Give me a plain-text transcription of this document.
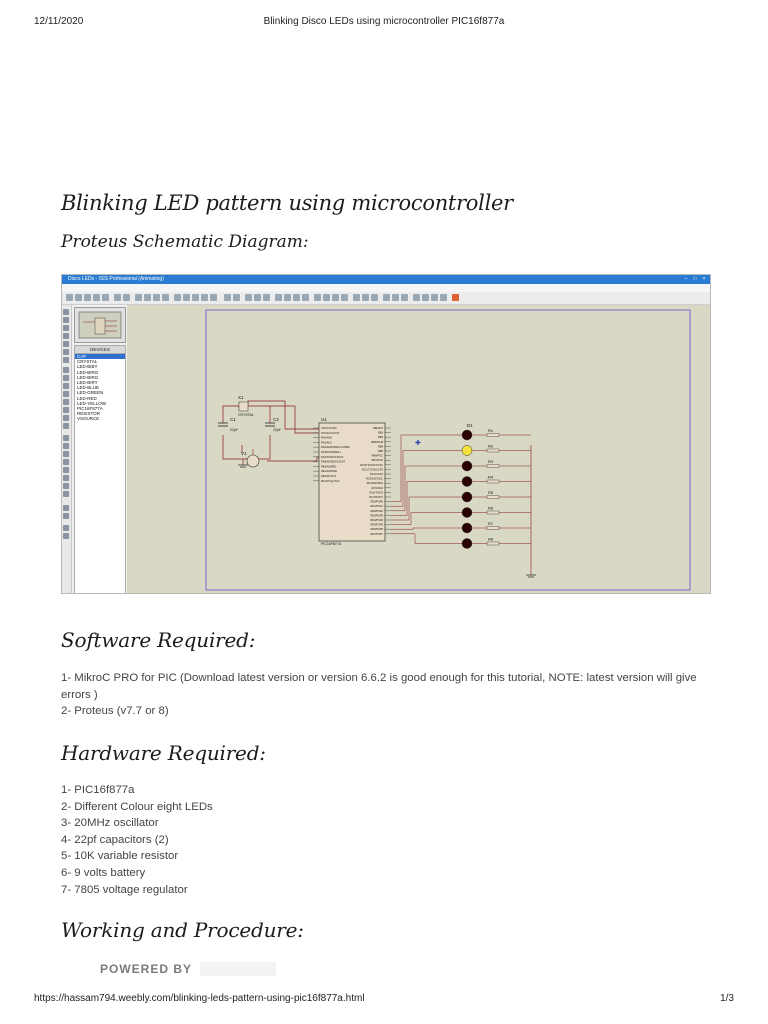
12/11/2020	Blinking Disco LEDs using microcontroller PIC16f877a
Blinking LED pattern using microcontroller
Proteus Schematic Diagram:
Disco LEDs - ISIS Professional (Animating)	–	□	×

DEVICES
CAP
CRYSTAL
LED-BIBY
LED-BIRG
LED-BIRG
LED-BIRY
LED-BLUE
LED-GREEN
LED-RED
LED-YELLOW
PIC16F877A
RESISTOR
VSOURCE
X1
CRYSTAL
C1
22pF
C2
22pF
V1
U1
PIC16F877A
OSC1/CLKIN
OSC2/CLKOUT
RA0/AN0
RA1/AN1
RA2/AN2/VREF-/CVREF
RA3/AN3/VREF+
RA4/T0CKI/C1OUT
RA5/AN4/SS/C2OUT
RE0/AN5/RD
RE1/AN6/WR
RE2/AN7/CS
MCLR/Vpp/THV
RB0/INT
RB1
RB2
RB3/PGM
RB4
RB5
RB6/PGC
RB7/PGD
RC0/T1OSO/T1CKI
RC1/T1OSI/CCP2
RC2/CCP1
RC3/SCK/SCL
RC4/SDI/SDA
RC5/SDO
RC6/TX/CK
RC7/RX/DT
RD0/PSP0
RD1/PSP1
RD2/PSP2
RD3/PSP3
RD4/PSP4
RD5/PSP5
RD6/PSP6
RD7/PSP7
R1
R2
R3
R4
R5
R6
R7
R8
D1
✚
Software Required:
1- MikroC PRO for PIC (Download latest version or version 6.6.2 is good enough for this tutorial, NOTE: latest version will give
errors )
2- Proteus (v7.7 or 8)
Hardware Required:
1- PIC16f877a
2- Different Colour eight LEDs
3- 20MHz oscillator
4- 22pf capacitors (2)
5- 10K variable resistor
6- 9 volts battery
7- 7805 voltage regulator
Working and Procedure:
POWERED BY
https://hassam794.weebly.com/blinking-leds-pattern-using-pic16f877a.html	1/3
